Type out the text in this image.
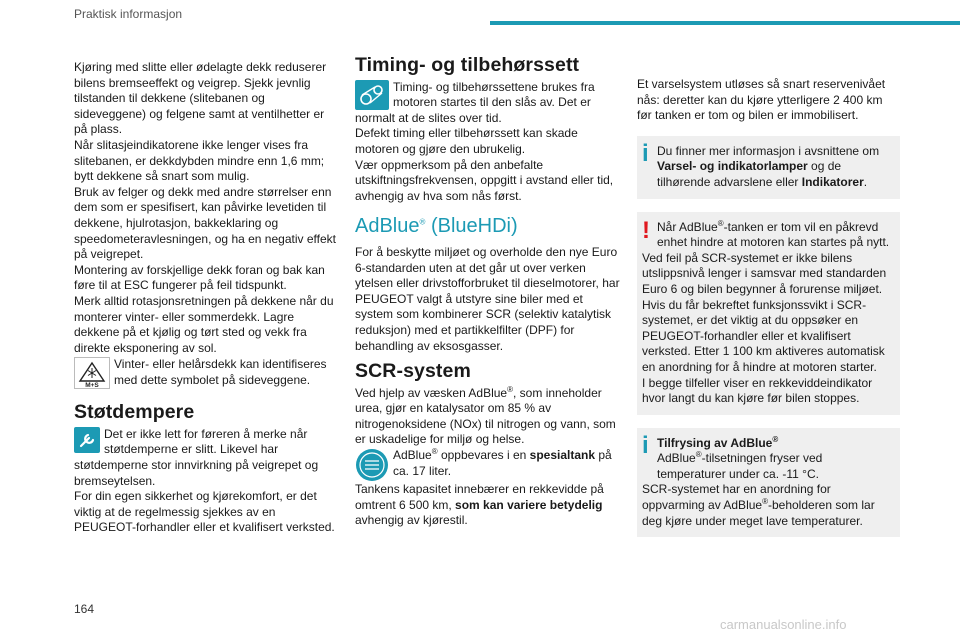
Praktisk informasjon

Kjøring med slitte eller ødelagte dekk reduserer bilens bremseeffekt og veigrep. Sjekk jevnlig tilstanden til dekkene (slitebanen og sideveggene) og felgene samt at ventilhetter er på plass.

Når slitasjeindikatorene ikke lenger vises fra slitebanen, er dekkdybden mindre enn 1,6 mm; bytt dekkene så snart som mulig.

Bruk av felger og dekk med andre størrelser enn dem som er spesifisert, kan påvirke levetiden til dekkene, hjulrotasjon, bakkeklaring og speedometeravlesningen, og ha en negativ effekt på veigrepet.

Montering av forskjellige dekk foran og bak kan føre til at ESC fungerer på feil tidspunkt.

Merk alltid rotasjonsretningen på dekkene når du monterer vinter- eller sommerdekk. Lagre dekkene på et kjølig og tørt sted og vekk fra direkte eksponering av sol.

M+S
Vinter- eller helårsdekk kan identifiseres med dette symbolet på sideveggene.
Støtdempere
Det er ikke lett for føreren å merke når støtdemperne er slitt. Likevel har støtdemperne stor innvirkning på veigrepet og bremseytelsen.

For din egen sikkerhet og kjørekomfort, er det viktig at de regelmessig sjekkes av en PEUGEOT-forhandler eller et kvalifisert verksted.

Timing- og tilbehørssett
Timing- og tilbehørssettene brukes fra motoren startes til den slås av. Det er normalt at de slites over tid.

Defekt timing eller tilbehørssett kan skade motoren og gjøre den ubrukelig.

Vær oppmerksom på den anbefalte utskiftningsfrekvensen, oppgitt i avstand eller tid, avhengig av hva som nås først.

AdBlue® (BlueHDi)

For å beskytte miljøet og overholde den nye Euro 6-standarden uten at det går ut over verken ytelsen eller drivstofforbruket til dieselmotorer, har PEUGEOT valgt å utstyre sine biler med et system som kombinerer SCR (selektiv katalytisk reduksjon) med et partikkelfilter (DPF) for behandling av eksosgasser.

SCR-system

Ved hjelp av væsken AdBlue®, som inneholder urea, gjør en katalysator om 85 % av nitrogenoksidene (NOx) til nitrogen og vann, som er uskadelige for miljø og helse.

AdBlue® oppbevares i en spesialtank på ca. 17 liter.

Tankens kapasitet innebærer en rekkevidde på omtrent 6 500 km, som kan variere betydelig avhengig av kjørestil.

Et varselsystem utløses så snart reservenivået nås: deretter kan du kjøre ytterligere 2 400 km før tanken er tom og bilen er immobilisert.

i Du finner mer informasjon i avsnittene om Varsel- og indikatorlamper og de tilhørende advarslene eller Indikatorer.

! Når AdBlue®-tanken er tom vil en påkrevd enhet hindre at motoren kan startes på nytt.

Ved feil på SCR-systemet er ikke bilens utslippsnivå lenger i samsvar med standarden Euro 6 og bilen begynner å forurense miljøet.

Hvis du får bekreftet funksjonssvikt i SCR-systemet, er det viktig at du oppsøker en PEUGEOT-forhandler eller et kvalifisert verksted. Etter 1 100 km aktiveres automatisk en anordning for å hindre at motoren starter.

I begge tilfeller viser en rekkeviddeindikator hvor langt du kan kjøre før bilen stoppes.

i Tilfrysing av AdBlue®

AdBlue®-tilsetningen fryser ved temperaturer under ca. -11 °C.

SCR-systemet har en anordning for oppvarming av AdBlue®-beholderen som lar deg kjøre under meget lave temperaturer.

164
carmanualsonline.info
